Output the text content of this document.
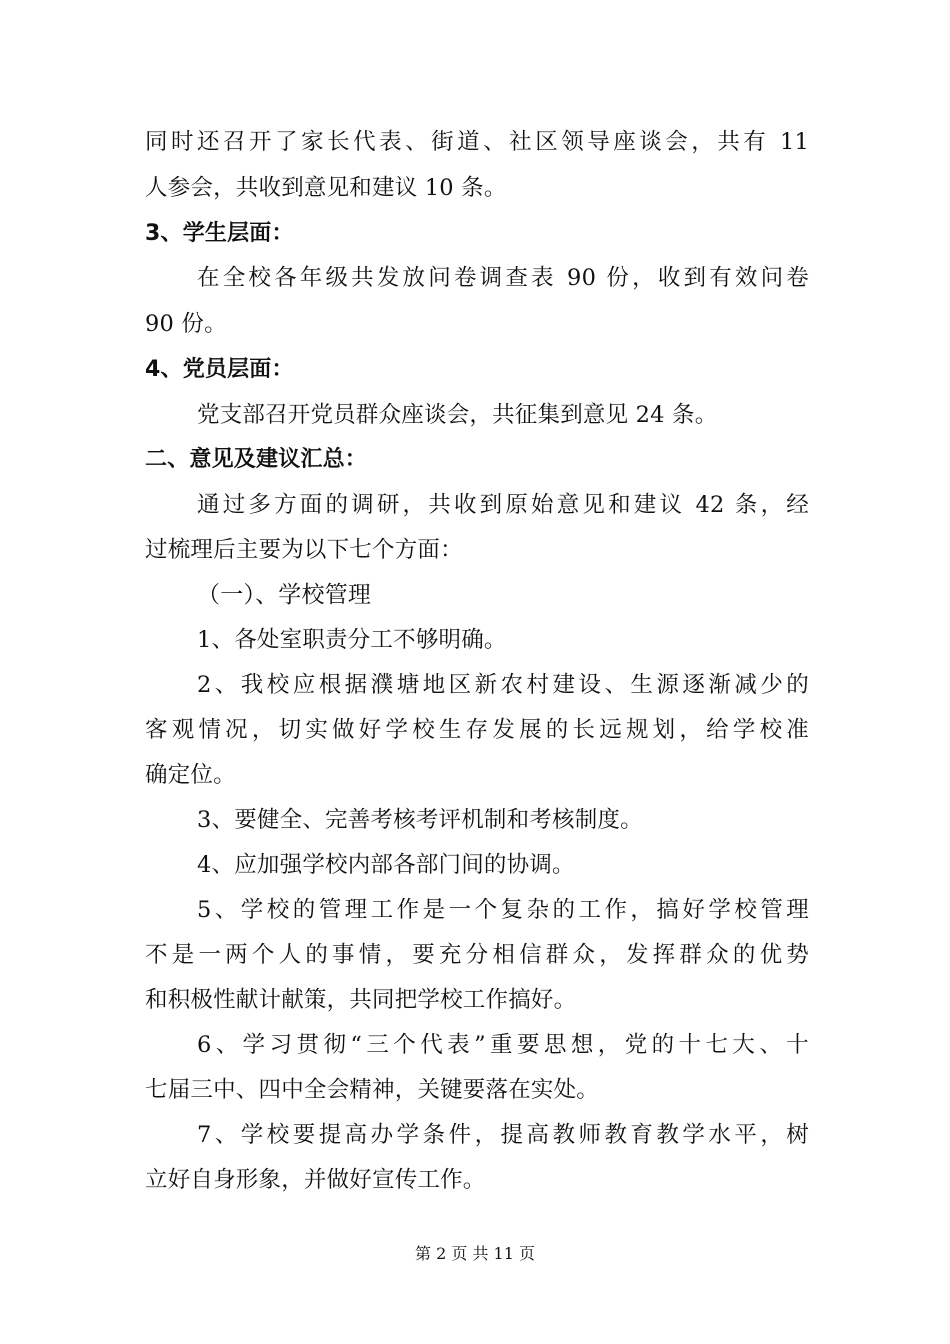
同时还召开了家长代表、街道、社区领导座谈会，共有 11
人参会，共收到意见和建议 10 条。
3、学生层面：
在全校各年级共发放问卷调查表 90 份，收到有效问卷
90 份。
4、党员层面：
党支部召开党员群众座谈会，共征集到意见 24 条。
二、意见及建议汇总：
通过多方面的调研，共收到原始意见和建议 42 条，经
过梳理后主要为以下七个方面：
（一）、学校管理
1、各处室职责分工不够明确。
2、我校应根据濮塘地区新农村建设、生源逐渐减少的
客观情况，切实做好学校生存发展的长远规划，给学校准
确定位。
3、要健全、完善考核考评机制和考核制度。
4、应加强学校内部各部门间的协调。
5、学校的管理工作是一个复杂的工作，搞好学校管理
不是一两个人的事情，要充分相信群众，发挥群众的优势
和积极性献计献策，共同把学校工作搞好。
6、学习贯彻“三个代表”重要思想，党的十七大、十
七届三中、四中全会精神，关键要落在实处。
7、学校要提高办学条件，提高教师教育教学水平，树
立好自身形象，并做好宣传工作。
第 2 页 共 11 页
